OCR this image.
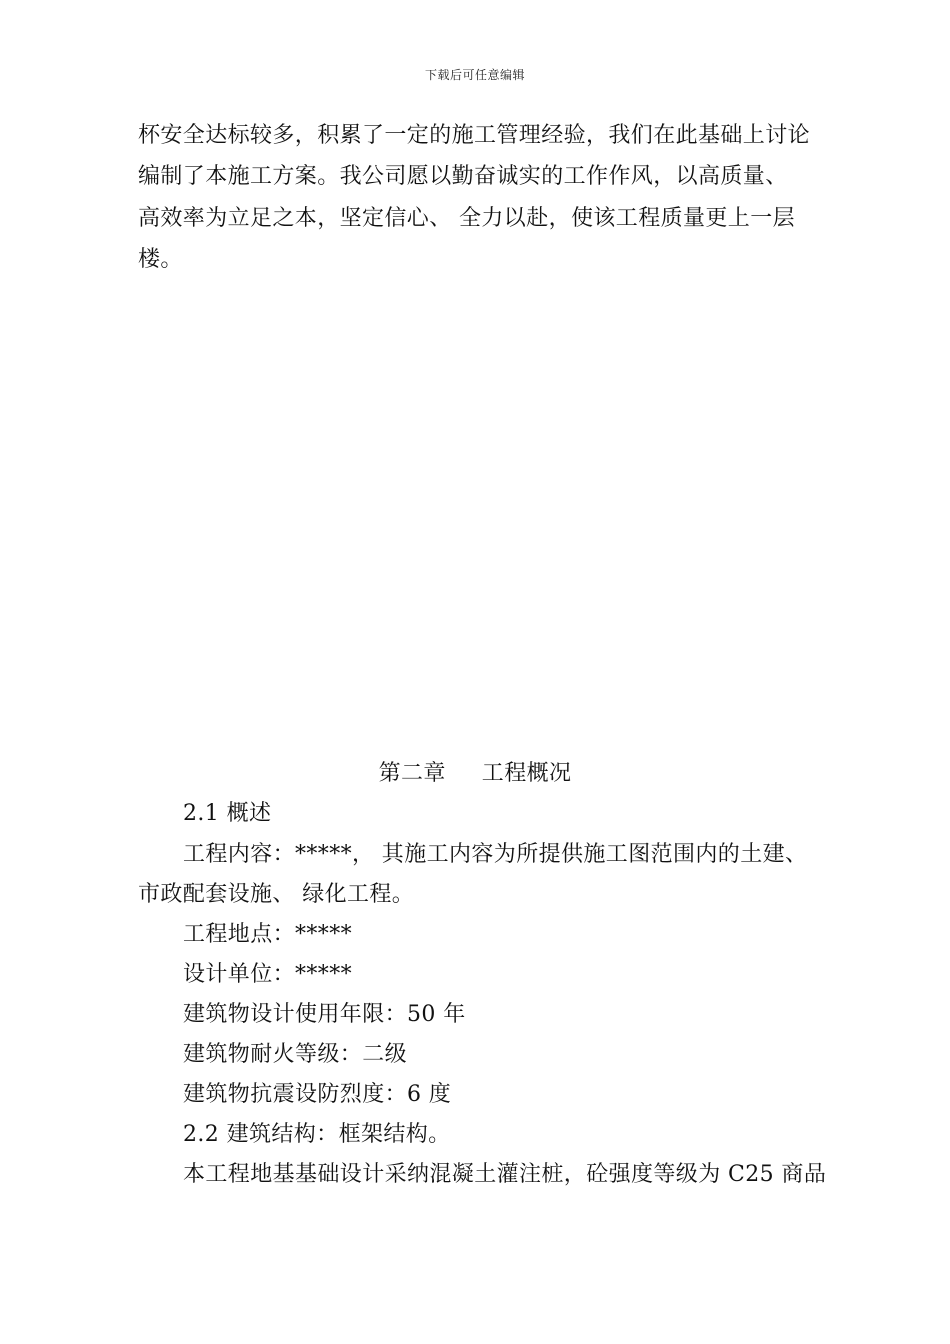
下载后可任意编辑
杯安全达标较多，积累了一定的施工管理经验，我们在此基础上讨论
编制了本施工方案。我公司愿以勤奋诚实的工作作风，以高质量、
高效率为立足之本，坚定信心、 全力以赴，使该工程质量更上一层
楼。
第二章 工程概况
2.1 概述
工程内容：*****， 其施工内容为所提供施工图范围内的土建、
市政配套设施、 绿化工程。
工程地点：*****
设计单位：*****
建筑物设计使用年限：50 年
建筑物耐火等级：二级
建筑物抗震设防烈度：6 度
2.2 建筑结构：框架结构。
本工程地基基础设计采纳混凝土灌注桩，砼强度等级为 C25 商品
